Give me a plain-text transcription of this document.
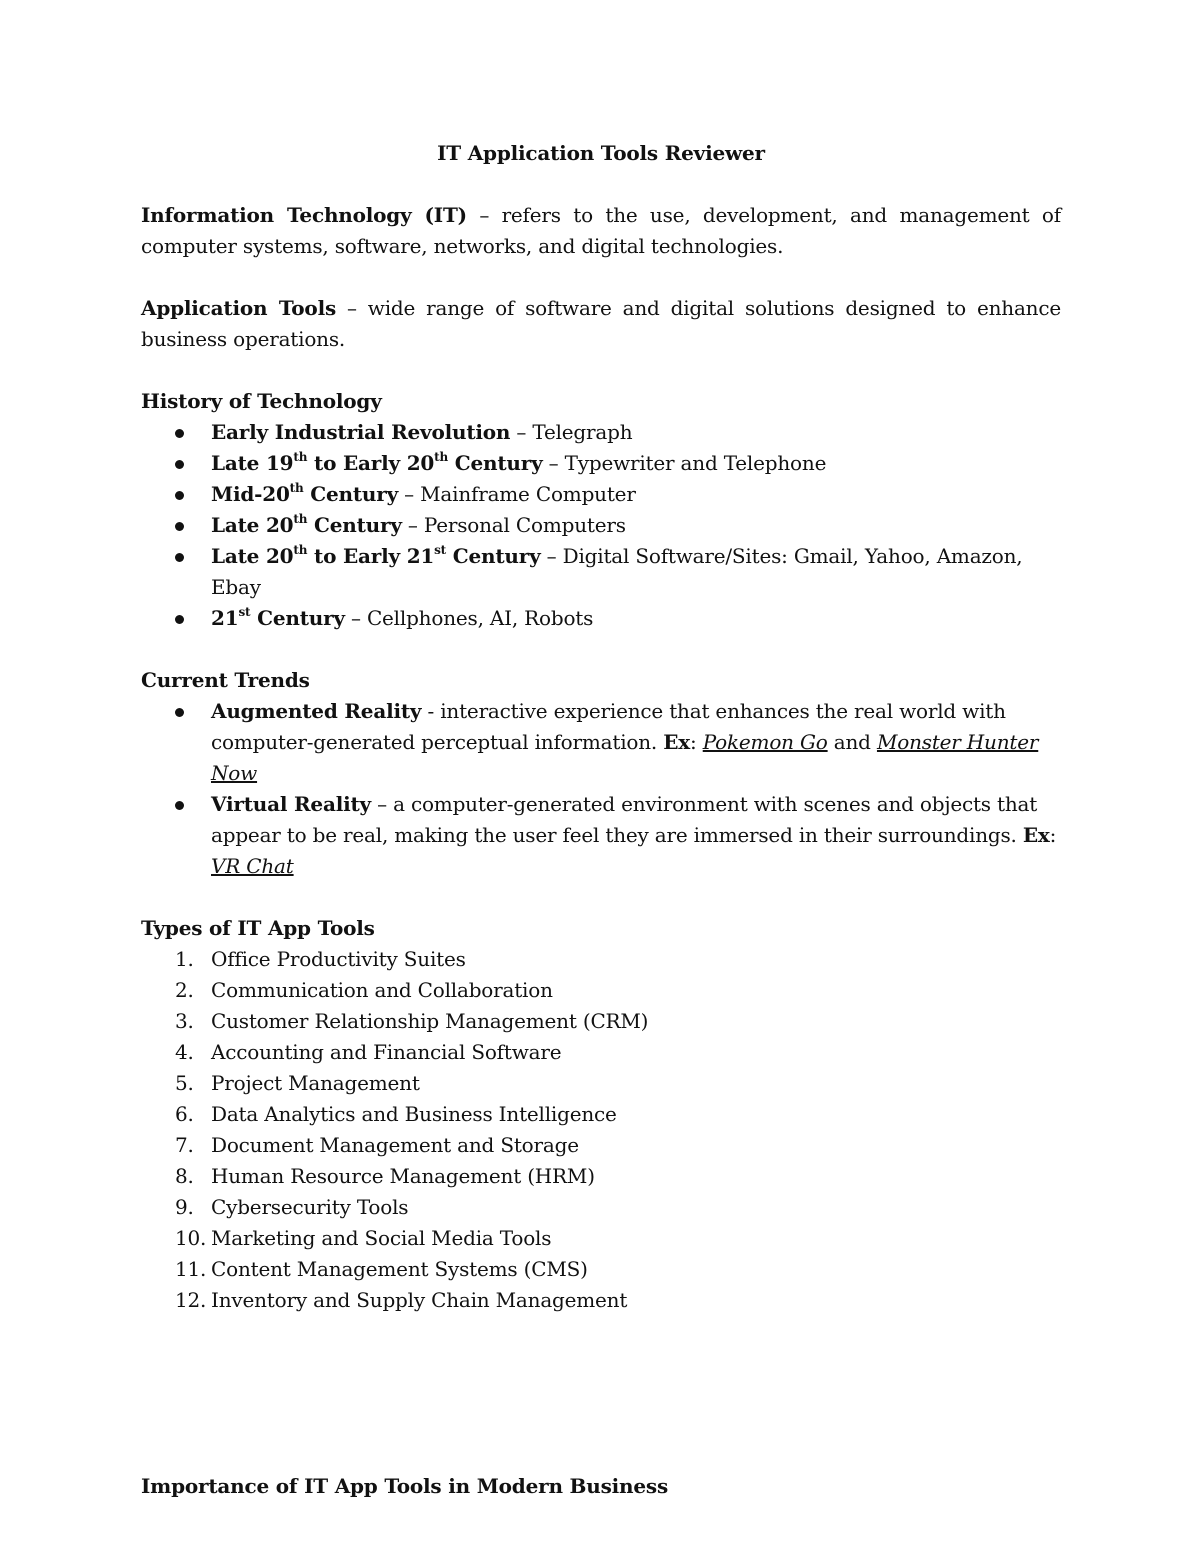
IT Application Tools Reviewer

Information Technology (IT) – refers to the use, development, and management of computer systems, software, networks, and digital technologies.

Application Tools – wide range of software and digital solutions designed to enhance business operations.

History of Technology

Early Industrial Revolution – Telegraph
Late 19th to Early 20th Century – Typewriter and Telephone
Mid-20th Century – Mainframe Computer
Late 20th Century – Personal Computers
Late 20th to Early 21st Century – Digital Software/Sites: Gmail, Yahoo, Amazon, Ebay
21st Century – Cellphones, AI, Robots

Current Trends

Augmented Reality - interactive experience that enhances the real world with computer-generated perceptual information. Ex: Pokemon Go and Monster Hunter Now
Virtual Reality – a computer-generated environment with scenes and objects that appear to be real, making the user feel they are immersed in their surroundings. Ex: VR Chat

Types of IT App Tools

1. Office Productivity Suites
2. Communication and Collaboration
3. Customer Relationship Management (CRM)
4. Accounting and Financial Software
5. Project Management
6. Data Analytics and Business Intelligence
7. Document Management and Storage
8. Human Resource Management (HRM)
9. Cybersecurity Tools
10. Marketing and Social Media Tools
11. Content Management Systems (CMS)
12. Inventory and Supply Chain Management

Importance of IT App Tools in Modern Business
